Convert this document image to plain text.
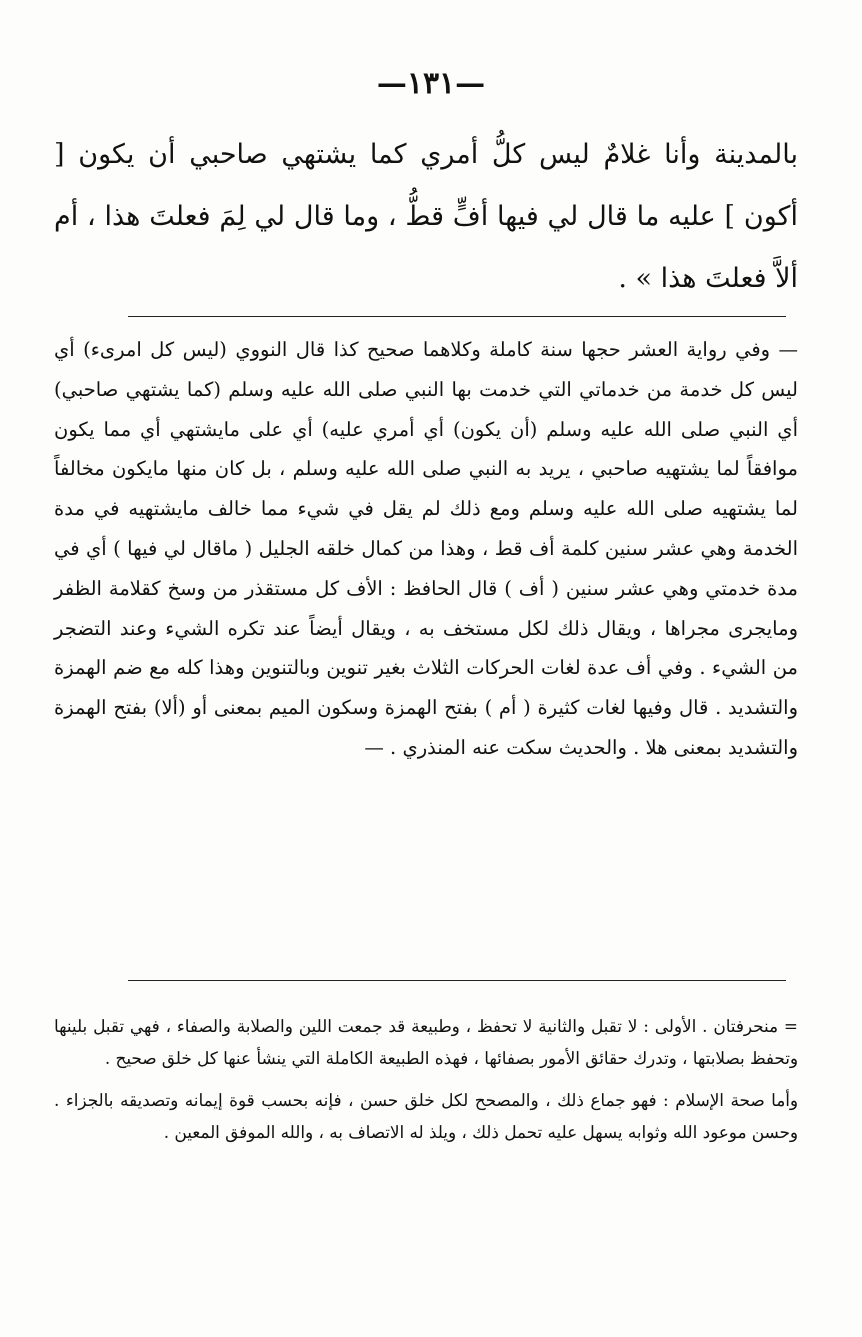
—١٣١—

بالمدينة وأنا غلامٌ ليس كلُّ أمري كما يشتهي صاحبي أن يكون [ أكون ] عليه ما قال لي فيها أفٍّ قطُّ ، وما قال لي لِمَ فعلتَ هذا ، أم ألاَّ فعلتَ هذا » .

— وفي رواية العشر حجها سنة كاملة وكلاهما صحيح كذا قال النووي (ليس كل امرىء) أي ليس كل خدمة من خدماتي التي خدمت بها النبي صلى الله عليه وسلم (كما يشتهي صاحبي) أي النبي صلى الله عليه وسلم (أن يكون) أي أمري عليه) أي على مايشتهي أي مما يكون موافقاً لما يشتهيه صاحبي ، يريد به النبي صلى الله عليه وسلم ، بل كان منها مايكون مخالفاً لما يشتهيه صلى الله عليه وسلم ومع ذلك لم يقل في شيء مما خالف مايشتهيه في مدة الخدمة وهي عشر سنين كلمة أف قط ، وهذا من كمال خلقه الجليل ( ماقال لي فيها ) أي في مدة خدمتي وهي عشر سنين ( أف ) قال الحافظ : الأف كل مستقذر من وسخ كقلامة الظفر ومايجرى مجراها ، ويقال ذلك لكل مستخف به ، ويقال أيضاً عند تكره الشيء وعند التضجر من الشيء . وفي أف عدة لغات الحركات الثلاث بغير تنوين وبالتنوين وهذا كله مع ضم الهمزة والتشديد . قال وفيها لغات كثيرة ( أم ) بفتح الهمزة وسكون الميم بمعنى أو (ألا) بفتح الهمزة والتشديد بمعنى هلا . والحديث سكت عنه المنذري . —

= منحرفتان . الأولى : لا تقبل والثانية لا تحفظ ، وطبيعة قد جمعت اللين والصلابة والصفاء ، فهي تقبل بلينها وتحفظ بصلابتها ، وتدرك حقائق الأمور بصفائها ، فهذه الطبيعة الكاملة التي ينشأ عنها كل خلق صحيح .

وأما صحة الإسلام : فهو جماع ذلك ، والمصحح لكل خلق حسن ، فإنه بحسب قوة إيمانه وتصديقه بالجزاء . وحسن موعود الله وثوابه يسهل عليه تحمل ذلك ، ويلذ له الاتصاف به ، والله الموفق المعين .
